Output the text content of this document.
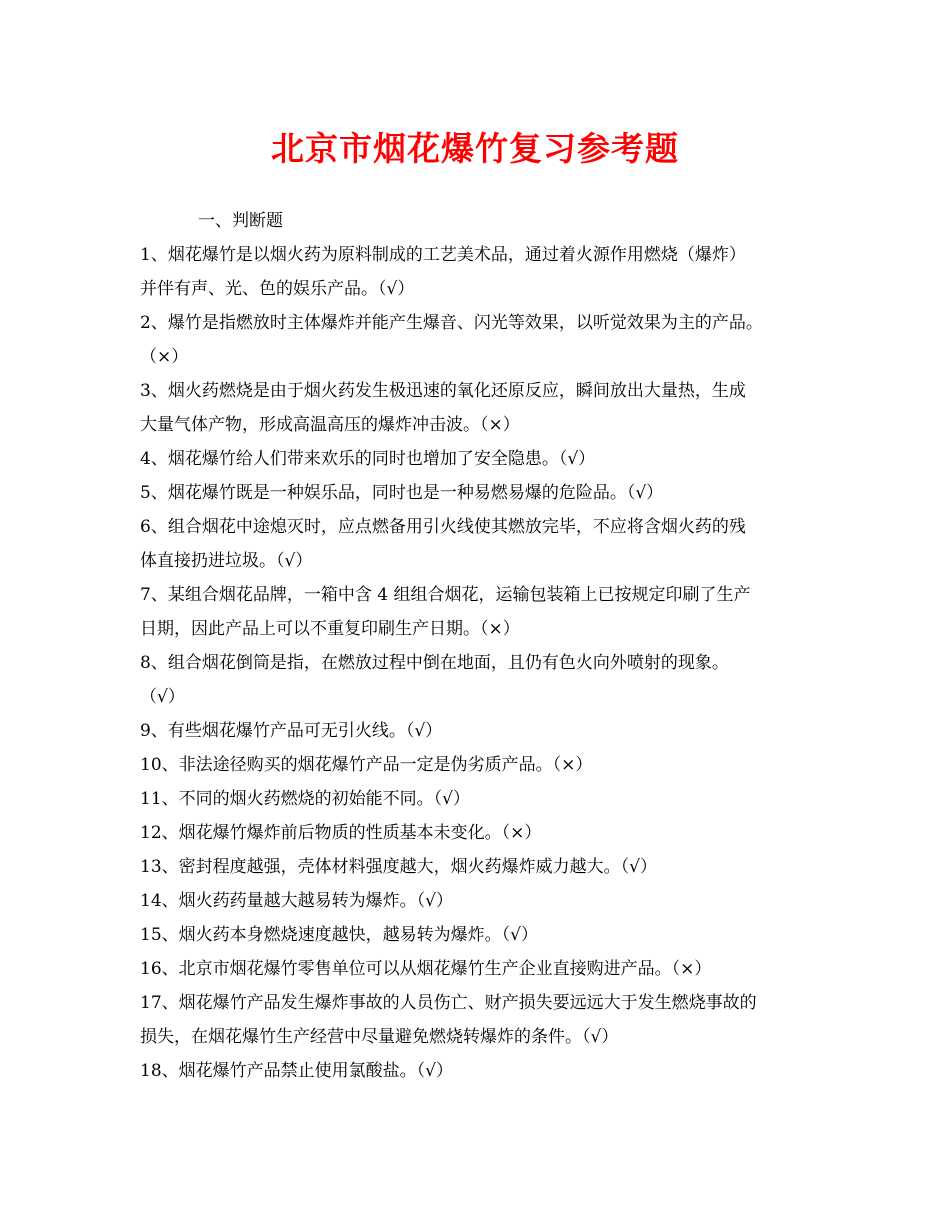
北京市烟花爆竹复习参考题
一、判断题
1、烟花爆竹是以烟火药为原料制成的工艺美术品，通过着火源作用燃烧（爆炸）
并伴有声、光、色的娱乐产品。（√）
2、爆竹是指燃放时主体爆炸并能产生爆音、闪光等效果，以听觉效果为主的产品。
（×）
3、烟火药燃烧是由于烟火药发生极迅速的氧化还原反应，瞬间放出大量热，生成
大量气体产物，形成高温高压的爆炸冲击波。（×）
4、烟花爆竹给人们带来欢乐的同时也增加了安全隐患。（√）
5、烟花爆竹既是一种娱乐品，同时也是一种易燃易爆的危险品。（√）
6、组合烟花中途熄灭时，应点燃备用引火线使其燃放完毕，不应将含烟火药的残
体直接扔进垃圾。（√）
7、某组合烟花品牌，一箱中含 4 组组合烟花，运输包装箱上已按规定印刷了生产
日期，因此产品上可以不重复印刷生产日期。（×）
8、组合烟花倒筒是指，在燃放过程中倒在地面，且仍有色火向外喷射的现象。
（√）
9、有些烟花爆竹产品可无引火线。（√）
10、非法途径购买的烟花爆竹产品一定是伪劣质产品。（×）
11、不同的烟火药燃烧的初始能不同。（√）
12、烟花爆竹爆炸前后物质的性质基本未变化。（×）
13、密封程度越强，壳体材料强度越大，烟火药爆炸威力越大。（√）
14、烟火药药量越大越易转为爆炸。（√）
15、烟火药本身燃烧速度越快，越易转为爆炸。（√）
16、北京市烟花爆竹零售单位可以从烟花爆竹生产企业直接购进产品。（×）
17、烟花爆竹产品发生爆炸事故的人员伤亡、财产损失要远远大于发生燃烧事故的
损失，在烟花爆竹生产经营中尽量避免燃烧转爆炸的条件。（√）
18、烟花爆竹产品禁止使用氯酸盐。（√）
